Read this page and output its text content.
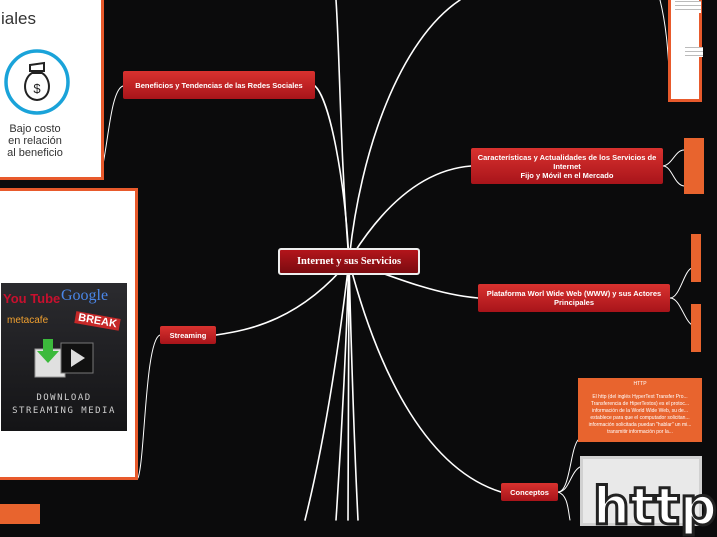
iales
$
Bajo costo
en relación
al beneficio
You Tube Google
metacafe	BREAK
DOWNLOAD
STREAMING MEDIA
HTTP
El http (del inglés HyperText Transfer Pro... Transferencia de HiperTextos) es el protoc... información de la World Wide Web, su de... establece para que el computador solicitan... información solicitada puedan "hablar" un mi... transmitir información por la...
http
Beneficios y Tendencias de las Redes Sociales
Características y Actualidades de los Servicios de Internet
Fijo y Móvil en el Mercado
Plataforma Worl Wide Web (WWW) y sus Actores Principales
Streaming
Conceptos
Internet y sus Servicios
